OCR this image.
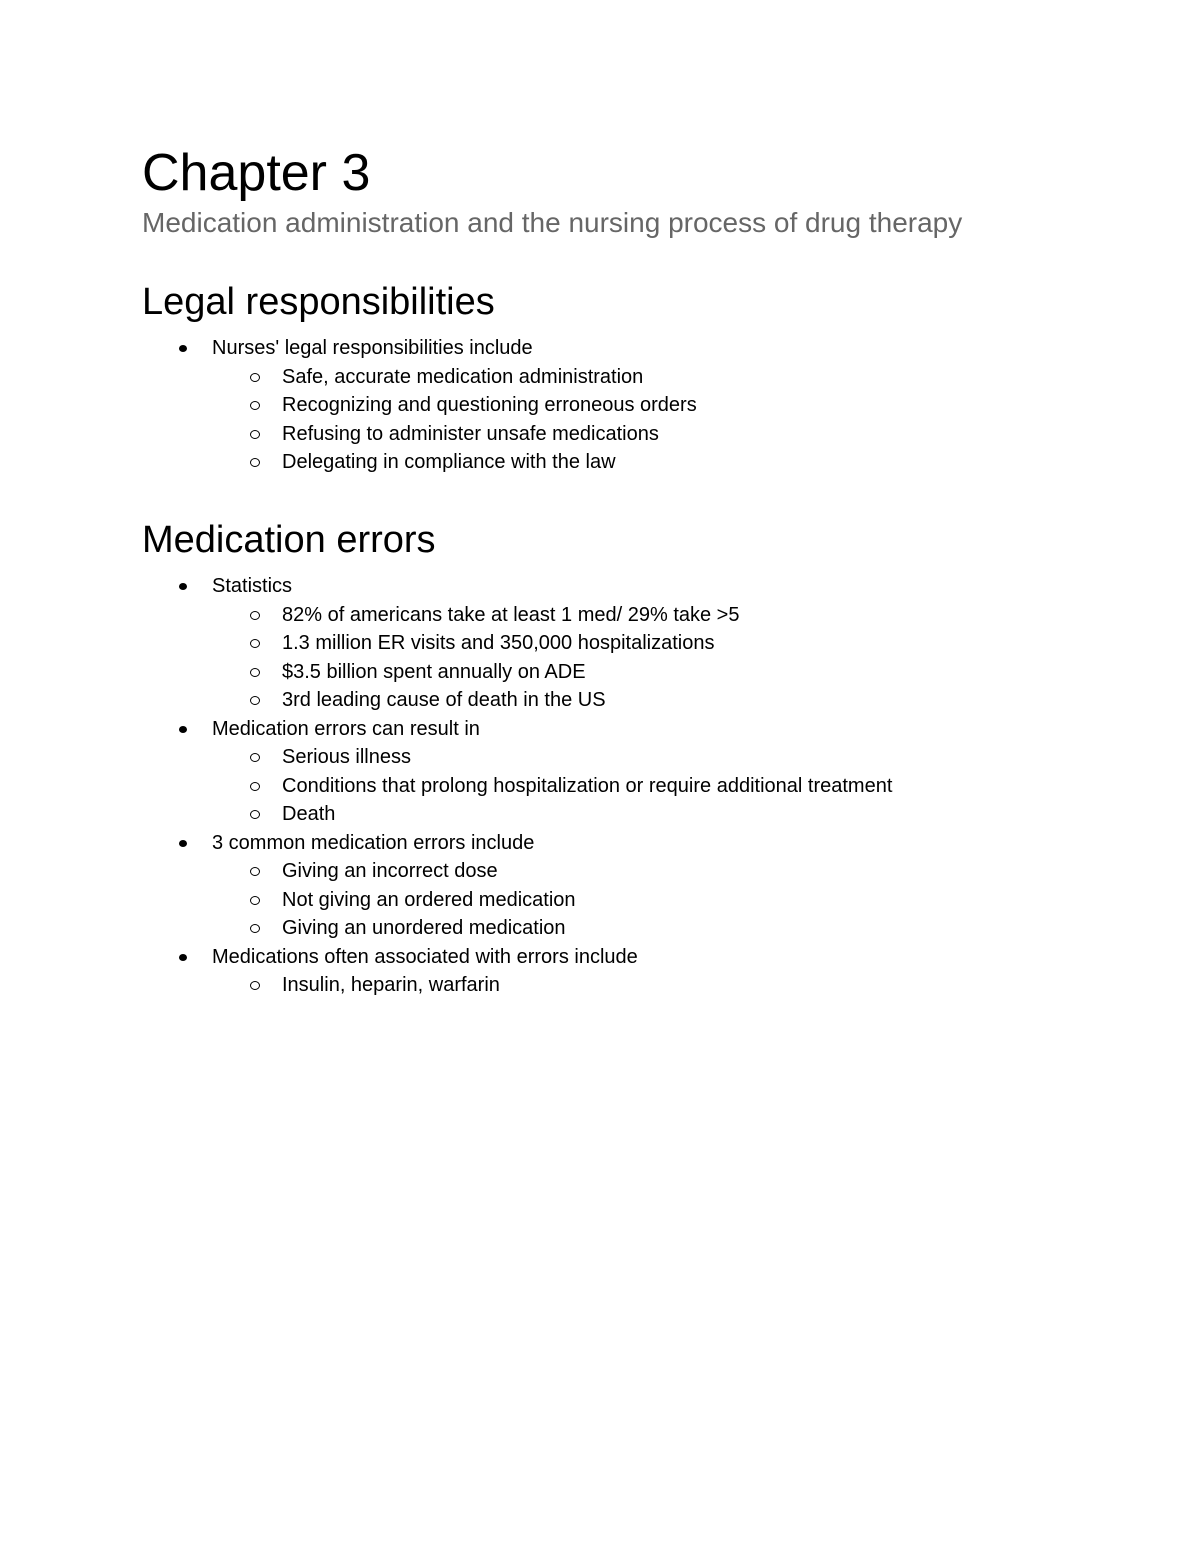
Chapter 3
Medication administration and the nursing process of drug therapy
Legal responsibilities
Nurses' legal responsibilities include
Safe, accurate medication administration
Recognizing and questioning erroneous orders
Refusing to administer unsafe medications
Delegating in compliance with the law
Medication errors
Statistics
82% of americans take at least 1 med/ 29% take >5
1.3 million ER visits and 350,000 hospitalizations
$3.5 billion spent annually on ADE
3rd leading cause of death in the US
Medication errors can result in
Serious illness
Conditions that prolong hospitalization or require additional treatment
Death
3 common medication errors include
Giving an incorrect dose
Not giving an ordered medication
Giving an unordered medication
Medications often associated with errors include
Insulin, heparin, warfarin
